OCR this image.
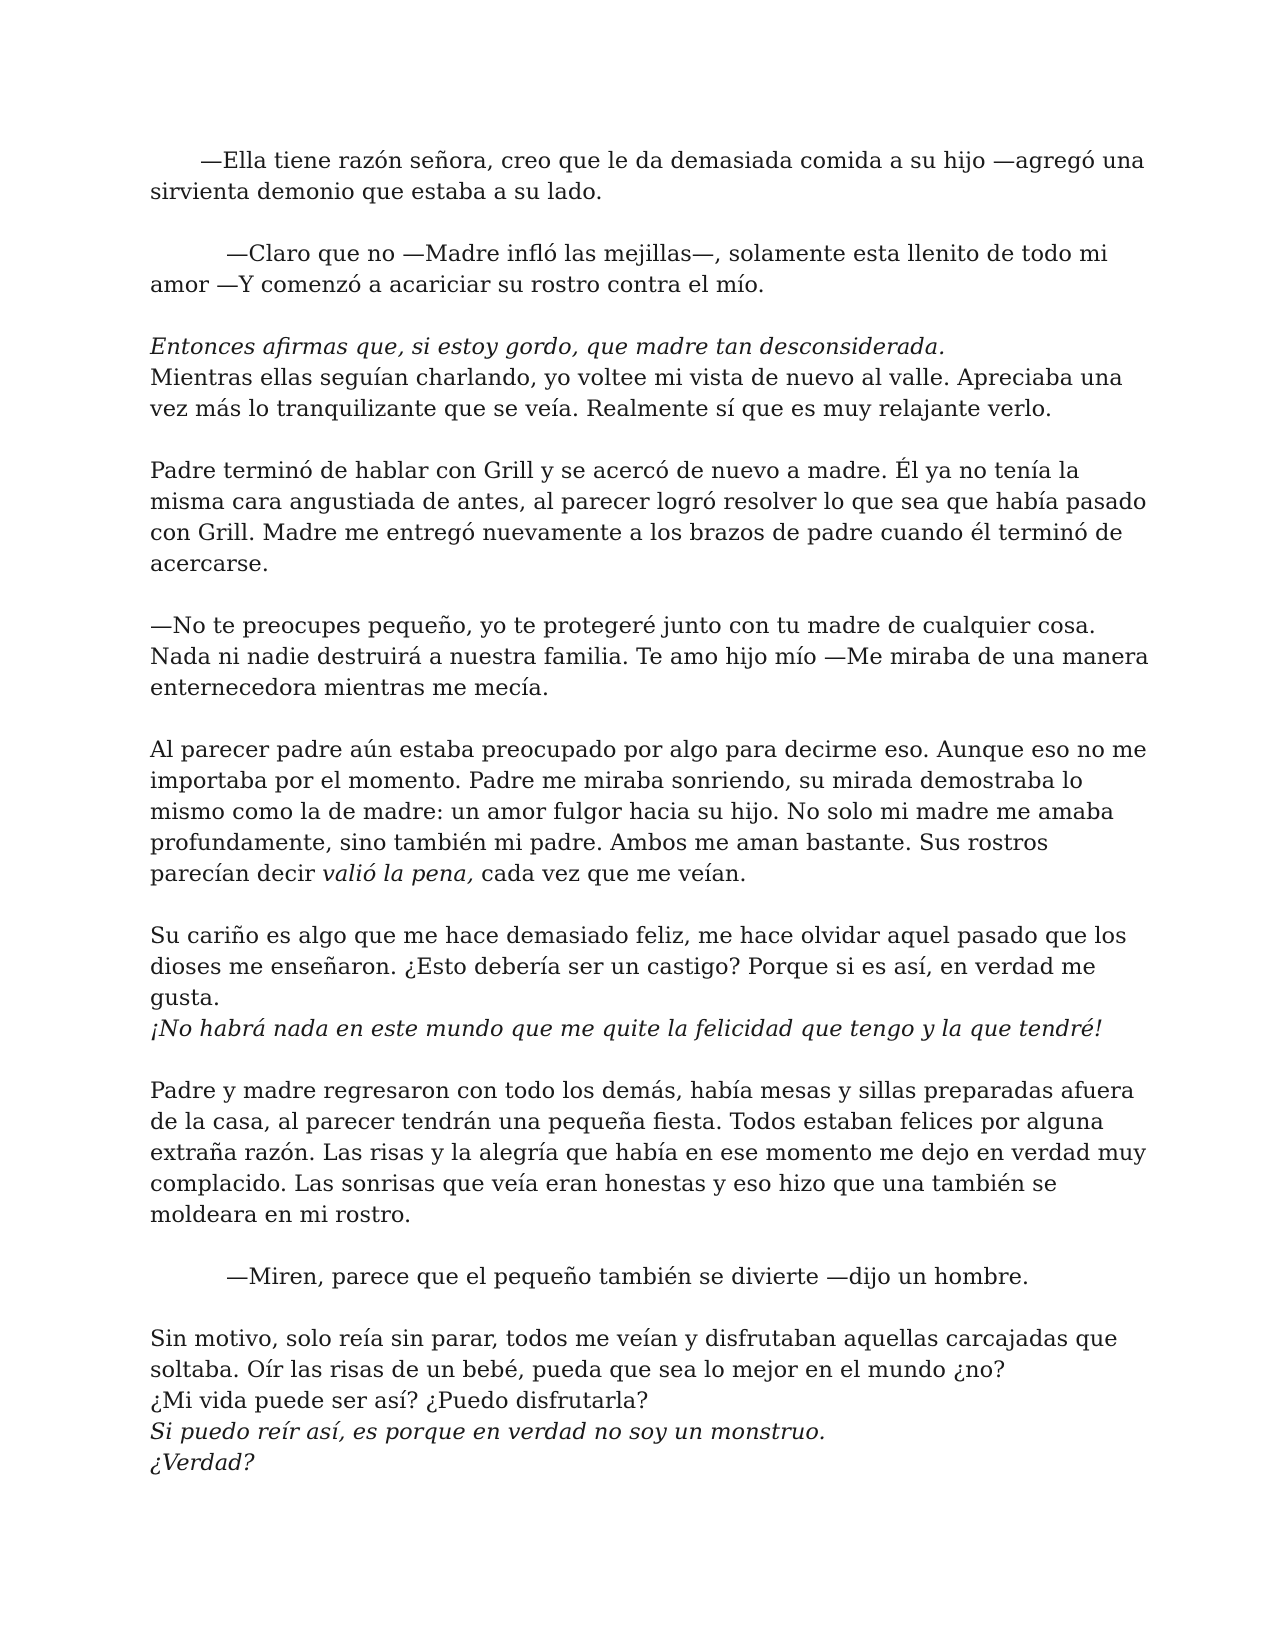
—Ella tiene razón señora, creo que le da demasiada comida a su hijo —agregó una
sirvienta demonio que estaba a su lado.
—Claro que no —Madre infló las mejillas—, solamente esta llenito de todo mi
amor —Y comenzó a acariciar su rostro contra el mío.
Entonces afirmas que, si estoy gordo, que madre tan desconsiderada.
Mientras ellas seguían charlando, yo voltee mi vista de nuevo al valle. Apreciaba una
vez más lo tranquilizante que se veía. Realmente sí que es muy relajante verlo.
Padre terminó de hablar con Grill y se acercó de nuevo a madre. Él ya no tenía la
misma cara angustiada de antes, al parecer logró resolver lo que sea que había pasado
con Grill. Madre me entregó nuevamente a los brazos de padre cuando él terminó de
acercarse.
—No te preocupes pequeño, yo te protegeré junto con tu madre de cualquier cosa.
Nada ni nadie destruirá a nuestra familia. Te amo hijo mío —Me miraba de una manera
enternecedora mientras me mecía.
Al parecer padre aún estaba preocupado por algo para decirme eso. Aunque eso no me
importaba por el momento. Padre me miraba sonriendo, su mirada demostraba lo
mismo como la de madre: un amor fulgor hacia su hijo. No solo mi madre me amaba
profundamente, sino también mi padre. Ambos me aman bastante. Sus rostros
parecían decir valió la pena, cada vez que me veían.
Su cariño es algo que me hace demasiado feliz, me hace olvidar aquel pasado que los
dioses me enseñaron. ¿Esto debería ser un castigo? Porque si es así, en verdad me
gusta.
¡No habrá nada en este mundo que me quite la felicidad que tengo y la que tendré!
Padre y madre regresaron con todo los demás, había mesas y sillas preparadas afuera
de la casa, al parecer tendrán una pequeña fiesta. Todos estaban felices por alguna
extraña razón. Las risas y la alegría que había en ese momento me dejo en verdad muy
complacido. Las sonrisas que veía eran honestas y eso hizo que una también se
moldeara en mi rostro.
—Miren, parece que el pequeño también se divierte —dijo un hombre.
Sin motivo, solo reía sin parar, todos me veían y disfrutaban aquellas carcajadas que
soltaba. Oír las risas de un bebé, pueda que sea lo mejor en el mundo ¿no?
¿Mi vida puede ser así? ¿Puedo disfrutarla?
Si puedo reír así, es porque en verdad no soy un monstruo.
¿Verdad?
